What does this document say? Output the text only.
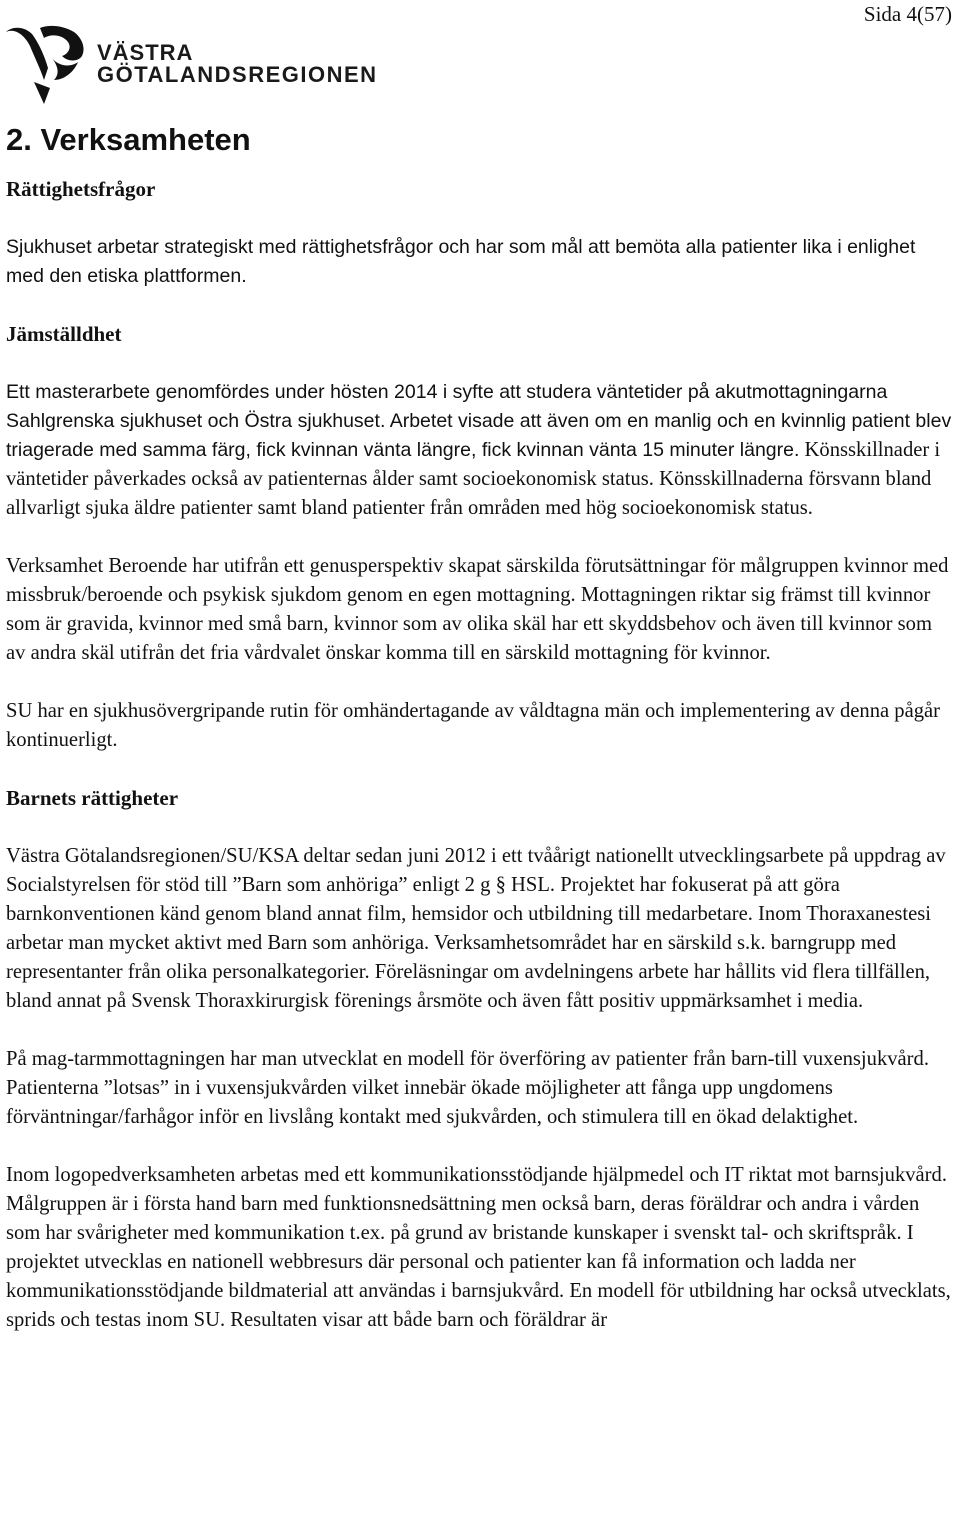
Sida 4(57)
VÄSTRA
GÖTALANDSREGIONEN
2. Verksamheten
Rättighetsfrågor

Sjukhuset arbetar strategiskt med rättighetsfrågor och har som mål att bemöta alla patienter lika i enlighet med den etiska plattformen.

Jämställdhet

Ett masterarbete genomfördes under hösten 2014 i syfte att studera väntetider på akutmottagningarna Sahlgrenska sjukhuset och Östra sjukhuset. Arbetet visade att även om en manlig och en kvinnlig patient blev triagerade med samma färg, fick kvinnan vänta längre, fick kvinnan vänta 15 minuter längre. Könsskillnader i väntetider påverkades också av patienternas ålder samt socioekonomisk status. Könsskillnaderna försvann bland allvarligt sjuka äldre patienter samt bland patienter från områden med hög socioekonomisk status.

Verksamhet Beroende har utifrån ett genusperspektiv skapat särskilda förutsättningar för målgruppen kvinnor med missbruk/beroende och psykisk sjukdom genom en egen mottagning. Mottagningen riktar sig främst till kvinnor som är gravida, kvinnor med små barn, kvinnor som av olika skäl har ett skyddsbehov och även till kvinnor som av andra skäl utifrån det fria vårdvalet önskar komma till en särskild mottagning för kvinnor.

SU har en sjukhusövergripande rutin för omhändertagande av våldtagna män och implementering av denna pågår kontinuerligt.

Barnets rättigheter

Västra Götalandsregionen/SU/KSA deltar sedan juni 2012 i ett tvåårigt nationellt utvecklingsarbete på uppdrag av Socialstyrelsen för stöd till ”Barn som anhöriga” enligt 2 g § HSL. Projektet har fokuserat på att göra barnkonventionen känd genom bland annat film, hemsidor och utbildning till medarbetare. Inom Thoraxanestesi arbetar man mycket aktivt med Barn som anhöriga. Verksamhetsområdet har en särskild s.k. barngrupp med representanter från olika personalkategorier. Föreläsningar om avdelningens arbete har hållits vid flera tillfällen, bland annat på Svensk Thoraxkirurgisk förenings årsmöte och även fått positiv uppmärksamhet i media.

På mag-tarmmottagningen har man utvecklat en modell för överföring av patienter från barn-till vuxensjukvård. Patienterna ”lotsas” in i vuxensjukvården vilket innebär ökade möjligheter att fånga upp ungdomens förväntningar/farhågor inför en livslång kontakt med sjukvården, och stimulera till en ökad delaktighet.

Inom logopedverksamheten arbetas med ett kommunikationsstödjande hjälpmedel och IT riktat mot barnsjukvård. Målgruppen är i första hand barn med funktionsnedsättning men också barn, deras föräldrar och andra i vården som har svårigheter med kommunikation t.ex. på grund av bristande kunskaper i svenskt tal- och skriftspråk. I projektet utvecklas en nationell webbresurs där personal och patienter kan få information och ladda ner kommunikationsstödjande bildmaterial att användas i barnsjukvård. En modell för utbildning har också utvecklats, sprids och testas inom SU. Resultaten visar att både barn och föräldrar är
